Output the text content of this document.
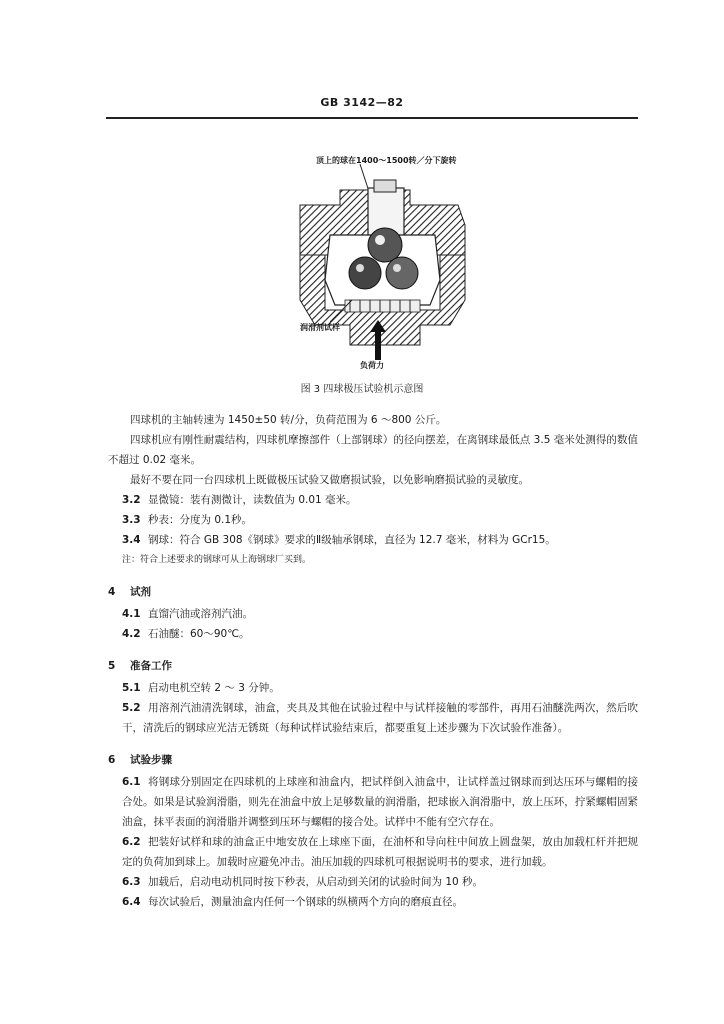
GB 3142—82
顶上的球在1400～1500转／分下旋转
润滑剂试样
负荷力
图 3 四球极压试验机示意图

四球机的主轴转速为 1450±50 转/分，负荷范围为 6 ～800 公斤。

四球机应有刚性耐震结构，四球机摩擦部件（上部钢球）的径向摆差，在离钢球最低点 3.5 毫米处测得的数值不超过 0.02 毫米。

最好不要在同一台四球机上既做极压试验又做磨损试验，以免影响磨损试验的灵敏度。

3.2 显微镜：装有测微计，读数值为 0.01 毫米。
3.3 秒表：分度为 0.1秒。
3.4 钢球：符合 GB 308《钢球》要求的Ⅱ级轴承钢球，直径为 12.7 毫米，材料为 GCr15。
注：符合上述要求的钢球可从上海钢球厂买到。
4 试剂
4.1 直馏汽油或溶剂汽油。
4.2 石油醚：60～90℃。
5 准备工作
5.1 启动电机空转 2 ～ 3 分钟。
5.2 用溶剂汽油清洗钢球，油盒，夹具及其他在试验过程中与试样接触的零部件，再用石油醚洗两次，然后吹干，清洗后的钢球应光洁无锈斑（每种试样试验结束后，都要重复上述步骤为下次试验作准备）。
6 试验步骤
6.1 将钢球分别固定在四球机的上球座和油盒内，把试样倒入油盒中，让试样盖过钢球而到达压环与螺帽的接合处。如果是试验润滑脂，则先在油盒中放上足够数量的润滑脂，把球嵌入润滑脂中，放上压环，拧紧螺帽固紧油盒，抹平表面的润滑脂并调整到压环与螺帽的接合处。试样中不能有空穴存在。
6.2 把装好试样和球的油盒正中地安放在上球座下面，在油杯和导向柱中间放上圆盘架，放由加载杠杆并把规定的负荷加到球上。加载时应避免冲击。油压加载的四球机可根据说明书的要求，进行加载。
6.3 加载后，启动电动机同时按下秒表，从启动到关闭的试验时间为 10 秒。
6.4 每次试验后，测量油盒内任何一个钢球的纵横两个方向的磨痕直径。
